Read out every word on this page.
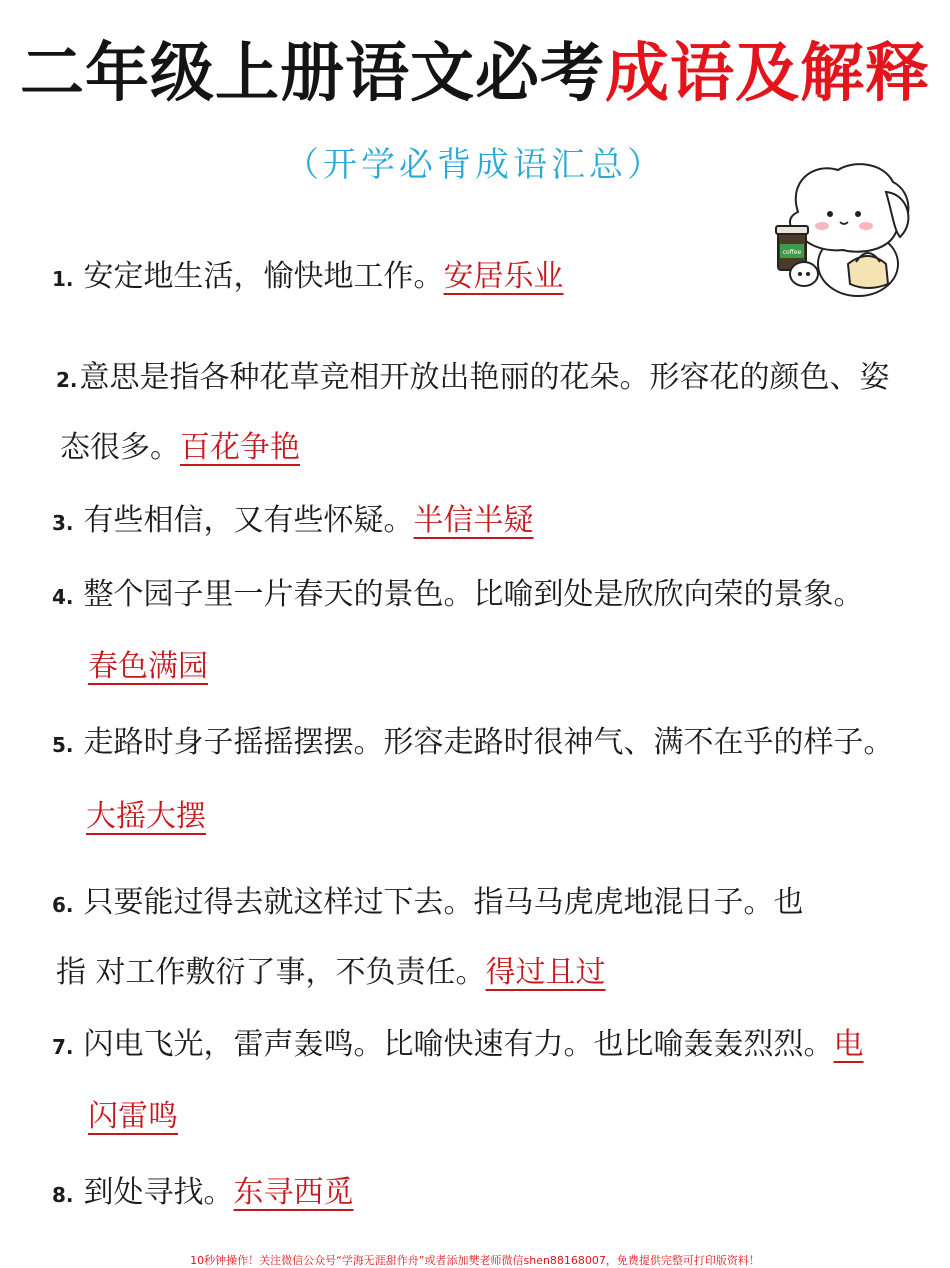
二年级上册语文必考成语及解释
（开学必背成语汇总）
coffee
1. 安定地生活，愉快地工作。安居乐业
2.意思是指各种花草竞相开放出艳丽的花朵。形容花的颜色、姿
态很多。百花争艳
3. 有些相信，又有些怀疑。半信半疑
4. 整个园子里一片春天的景色。比喻到处是欣欣向荣的景象。
春色满园
5. 走路时身子摇摇摆摆。形容走路时很神气、满不在乎的样子。
大摇大摆
6. 只要能过得去就这样过下去。指马马虎虎地混日子。也
指 对工作敷衍了事，不负责任。得过且过
7. 闪电飞光，雷声轰鸣。比喻快速有力。也比喻轰轰烈烈。电
闪雷鸣
8. 到处寻找。东寻西觅
10秒钟操作！关注微信公众号“学海无涯甜作舟”或者添加樊老师微信shen88168007，免费提供完整可打印版资料！
